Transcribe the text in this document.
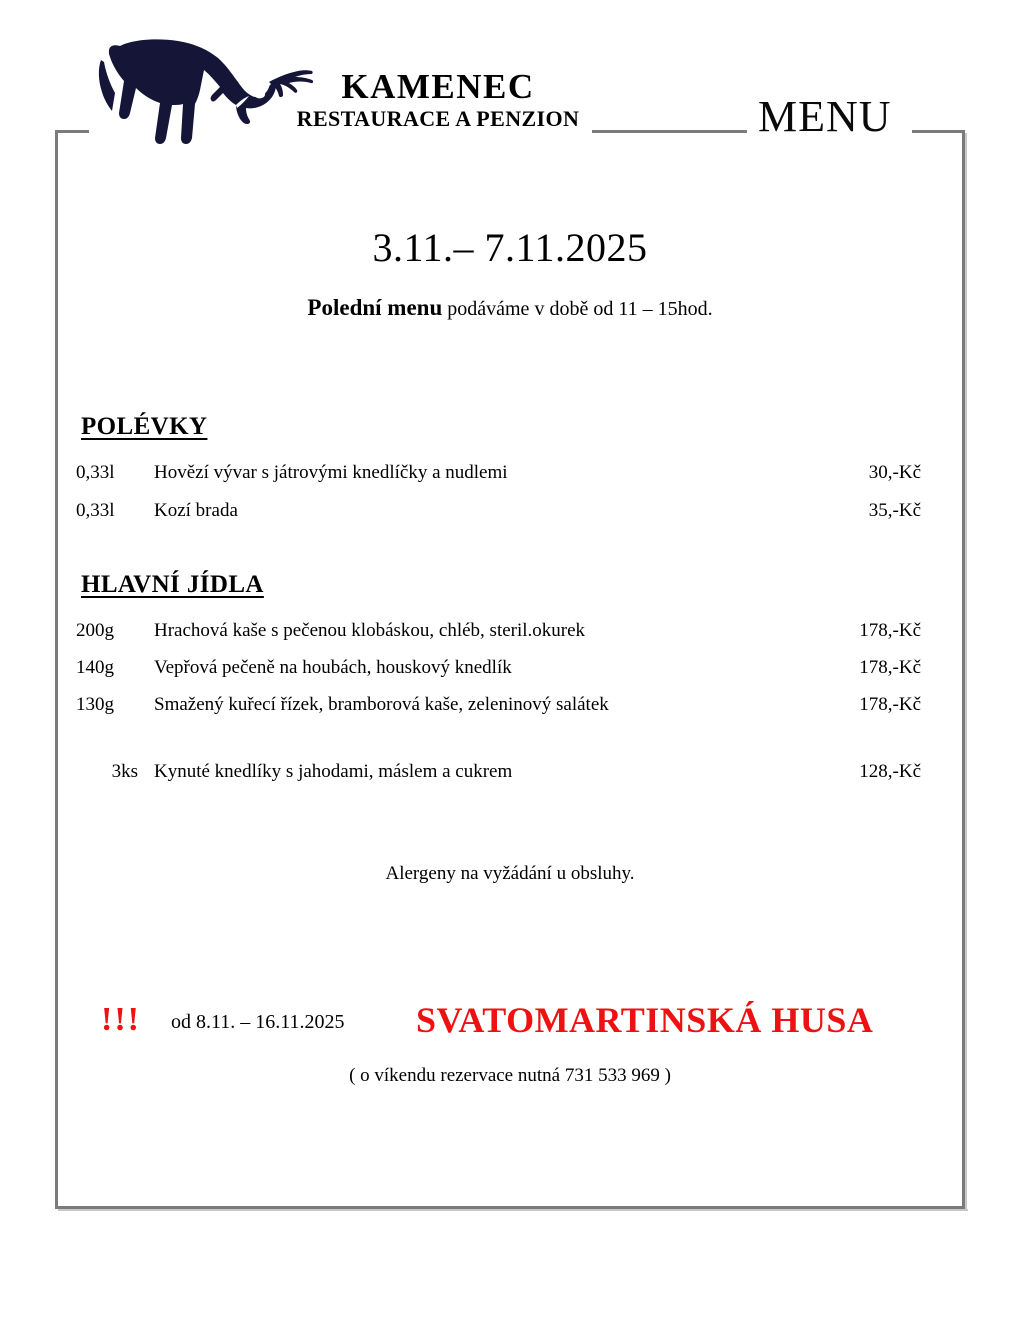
KAMENEC
RESTAURACE A PENZION	MENU
3.11.– 7.11.2025
Polední menu podáváme v době od 11 – 15hod.
POLÉVKY
0,33l	Hovězí vývar s játrovými knedlíčky a nudlemi	30,-Kč
0,33l	Kozí brada	35,-Kč
HLAVNÍ JÍDLA
200g	Hrachová kaše s pečenou klobáskou, chléb, steril.okurek	178,-Kč
140g	Vepřová pečeně na houbách, houskový knedlík	178,-Kč
130g	Smаžený kuřecí řízek, bramborová kaše, zeleninový salátek	178,-Kč
3ks Kynuté knedlíky s jahodami, máslem a cukrem	128,-Kč
Alergeny na vyžádání u obsluhy.
!!! od 8.11. – 16.11.2025 SVATOMARTINSKÁ HUSA
( o víkendu rezervace nutná 731 533 969 )
